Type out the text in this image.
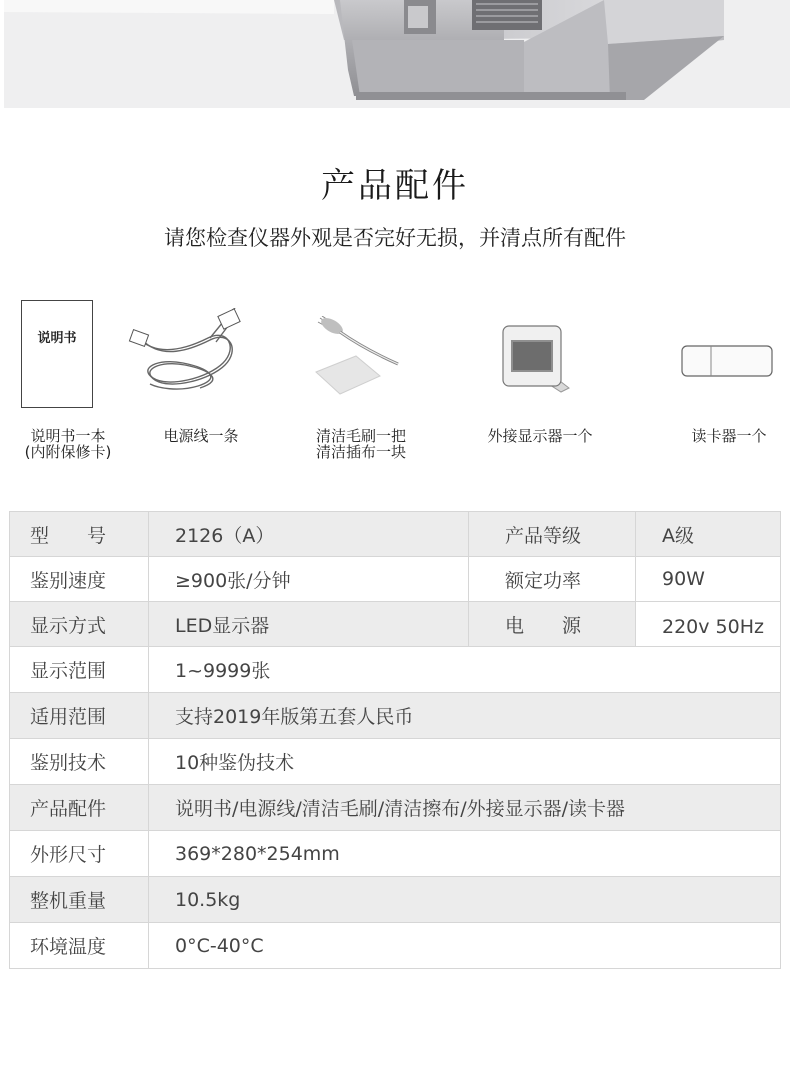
产品配件
请您检查仪器外观是否完好无损，并清点所有配件
说明书
说明书一本
(内附保修卡)
电源线一条	清洁毛刷一把
清洁插布一块
外接显示器一个	读卡器一个
型　　号	2126（A）	产品等级	A级
鉴别速度	≥900张/分钟	额定功率	90W
显示方式	LED显示器	电　　源	220v 50Hz
显示范围	1~9999张
适用范围	支持2019年版第五套人民币
鉴别技术	10种鉴伪技术
产品配件	说明书/电源线/清洁毛刷/清洁擦布/外接显示器/读卡器
外形尺寸	369*280*254mm
整机重量	10.5kg
环境温度	0°C-40°C
